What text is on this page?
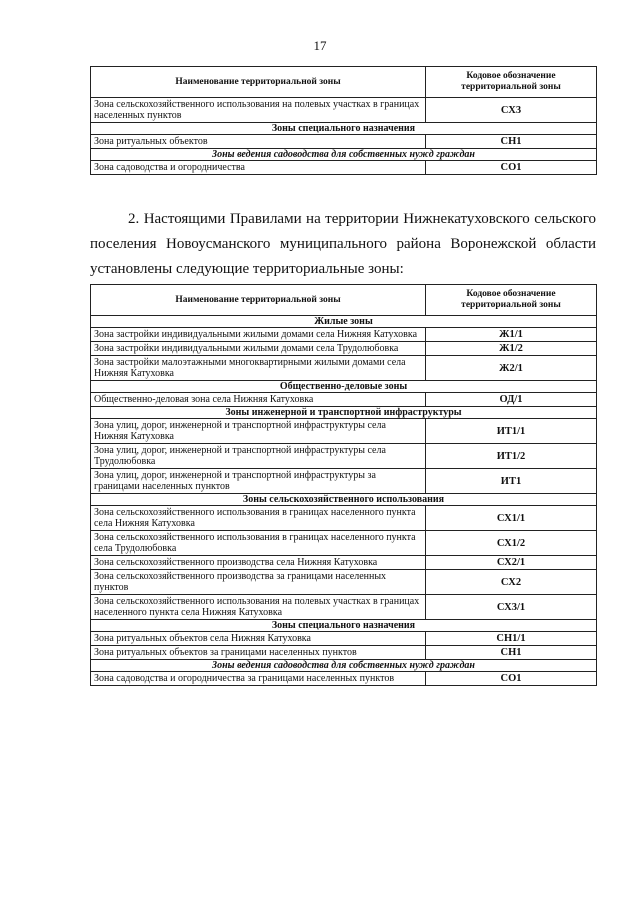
17
Наименование территориальной зоны	Кодовое обозначение территориальной зоны
Зона сельскохозяйственного использования на полевых участках в границах населенных пунктов	СХ3
Зоны специального назначения	
Зона ритуальных объектов	СН1
Зоны ведения садоводства для собственных нужд граждан	
Зона садоводства и огородничества	СО1

2. Настоящими Правилами на территории Нижнекатуховского сельского поселения Новоусманского муниципального района Воронежской области установлены следующие территориальные зоны:

Наименование территориальной зоны	Кодовое обозначение территориальной зоны
Жилые зоны	
Зона застройки индивидуальными жилыми домами села Нижняя Катуховка	Ж1/1
Зона застройки индивидуальными жилыми домами села Трудолюбовка	Ж1/2
Зона застройки малоэтажными многоквартирными жилыми домами села Нижняя Катуховка	Ж2/1
Общественно-деловые зоны	
Общественно-деловая зона села Нижняя Катуховка	ОД/1
Зоны инженерной и транспортной инфраструктуры	
Зона улиц, дорог, инженерной и транспортной инфраструктуры села Нижняя Катуховка	ИТ1/1
Зона улиц, дорог, инженерной и транспортной инфраструктуры села Трудолюбовка	ИТ1/2
Зона улиц, дорог, инженерной и транспортной инфраструктуры за границами населенных пунктов	ИТ1
Зоны сельскохозяйственного использования	
Зона сельскохозяйственного использования в границах населенного пункта села Нижняя Катуховка	СХ1/1
Зона сельскохозяйственного использования в границах населенного пункта села Трудолюбовка	СХ1/2
Зона сельскохозяйственного производства села Нижняя Катуховка	СХ2/1
Зона сельскохозяйственного производства за границами населенных пунктов	СХ2
Зона сельскохозяйственного использования на полевых участках в границах населенного пункта села Нижняя Катуховка	СХ3/1
Зоны специального назначения	
Зона ритуальных объектов села Нижняя Катуховка	СН1/1
Зона ритуальных объектов за границами населенных пунктов	СН1
Зоны ведения садоводства для собственных нужд граждан	
Зона садоводства и огородничества за границами населенных пунктов	СО1
